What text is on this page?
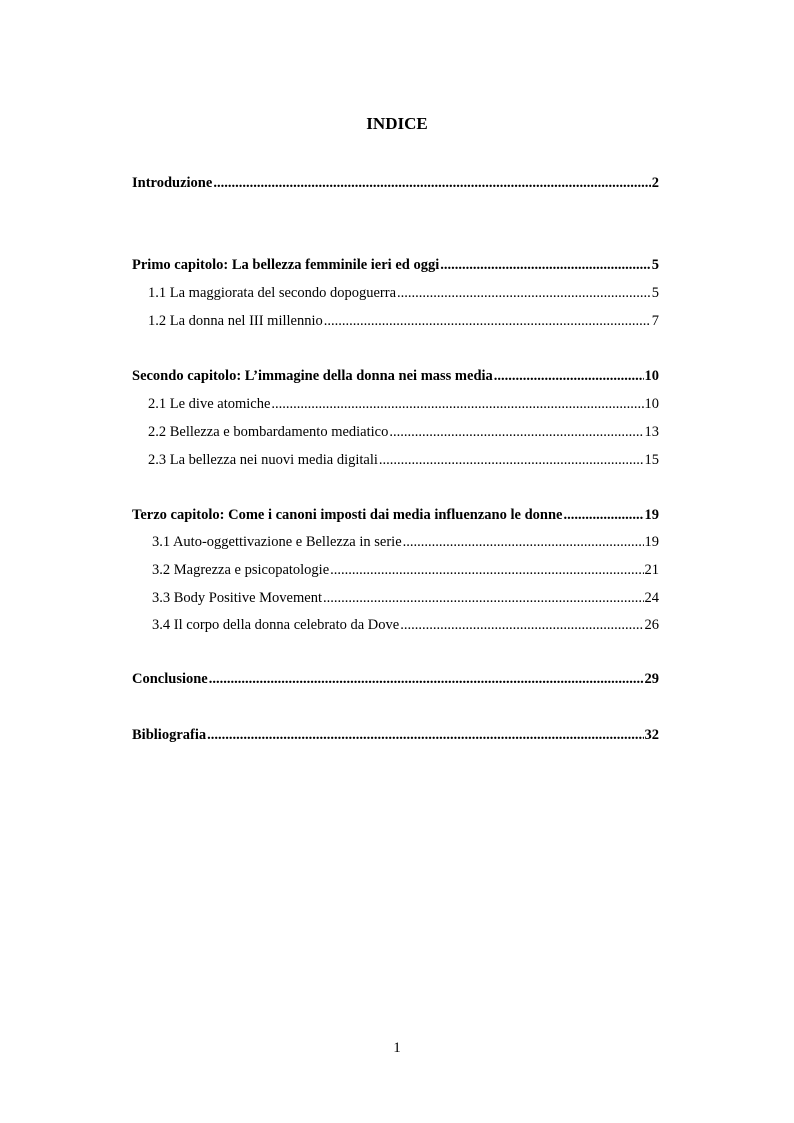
INDICE
Introduzione .....	2
Primo capitolo: La bellezza femminile ieri ed oggi .....	5
1.1 La maggiorata del secondo dopoguerra .....	5
1.2 La donna nel III millennio .....	7
Secondo capitolo: L’immagine della donna nei mass media .....	10
2.1 Le dive atomiche .....	10
2.2 Bellezza e bombardamento mediatico .....	13
2.3 La bellezza nei nuovi media digitali .....	15
Terzo capitolo: Come i canoni imposti dai media influenzano le donne .....	19
3.1 Auto-oggettivazione e Bellezza in serie .....	19
3.2 Magrezza e psicopatologie .....	21
3.3 Body Positive Movement .....	24
3.4 Il corpo della donna celebrato da Dove .....	26
Conclusione .....	29
Bibliografia .....	32
1
